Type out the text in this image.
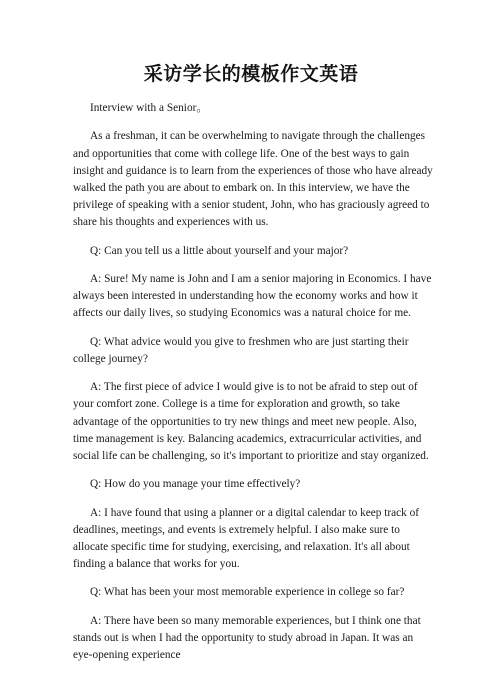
采访学长的模板作文英语

Interview with a Senior。

As a freshman, it can be overwhelming to navigate through the challenges and opportunities that come with college life. One of the best ways to gain insight and guidance is to learn from the experiences of those who have already walked the path you are about to embark on. In this interview, we have the privilege of speaking with a senior student, John, who has graciously agreed to share his thoughts and experiences with us.

Q: Can you tell us a little about yourself and your major?

A: Sure! My name is John and I am a senior majoring in Economics. I have always been interested in understanding how the economy works and how it affects our daily lives, so studying Economics was a natural choice for me.

Q: What advice would you give to freshmen who are just starting their college journey?

A: The first piece of advice I would give is to not be afraid to step out of your comfort zone. College is a time for exploration and growth, so take advantage of the opportunities to try new things and meet new people. Also, time management is key. Balancing academics, extracurricular activities, and social life can be challenging, so it's important to prioritize and stay organized.

Q: How do you manage your time effectively?

A: I have found that using a planner or a digital calendar to keep track of deadlines, meetings, and events is extremely helpful. I also make sure to allocate specific time for studying, exercising, and relaxation. It's all about finding a balance that works for you.

Q: What has been your most memorable experience in college so far?

A: There have been so many memorable experiences, but I think one that stands out is when I had the opportunity to study abroad in Japan. It was an eye-opening experience
